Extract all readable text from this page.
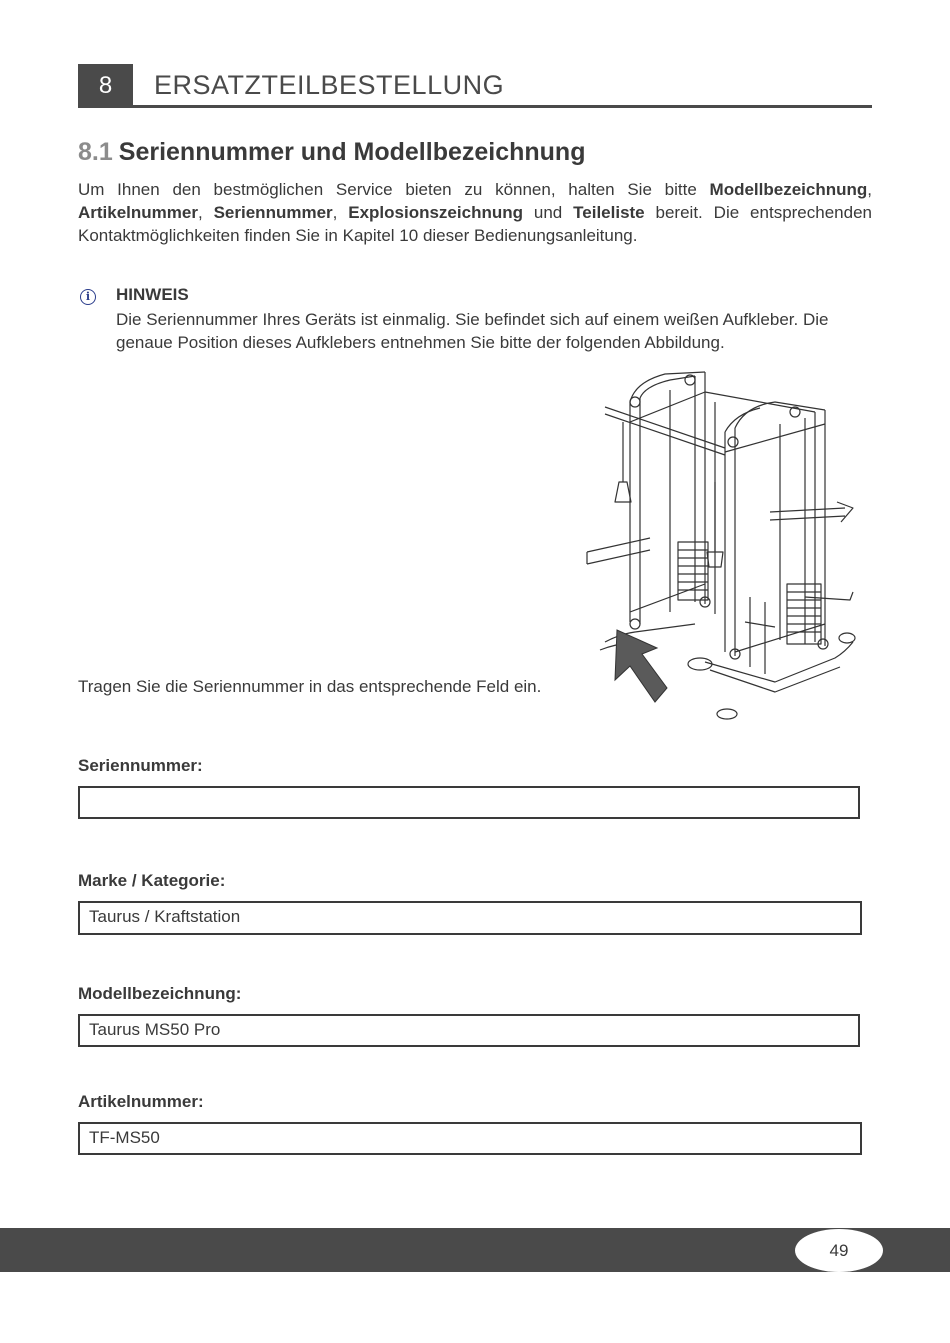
8	ERSATZTEILBESTELLUNG
8.1 Seriennummer und Modellbezeichnung
Um Ihnen den bestmöglichen Service bieten zu können, halten Sie bitte Modellbezeichnung, Artikelnummer, Seriennummer, Explosionszeichnung und Teileliste bereit. Die entsprechenden Kontaktmöglichkeiten finden Sie in Kapitel 10 dieser Bedienungsanleitung.
i	HINWEIS
Die Seriennummer Ihres Geräts ist einmalig. Sie befindet sich auf einem weißen Aufkleber. Die genaue Position dieses Aufklebers entnehmen Sie bitte der folgenden Abbildung.
Tragen Sie die Seriennummer in das entsprechende Feld ein.
Seriennummer:
Marke / Kategorie:
Taurus / Kraftstation
Modellbezeichnung:
Taurus MS50 Pro
Artikelnummer:
TF-MS50
49
